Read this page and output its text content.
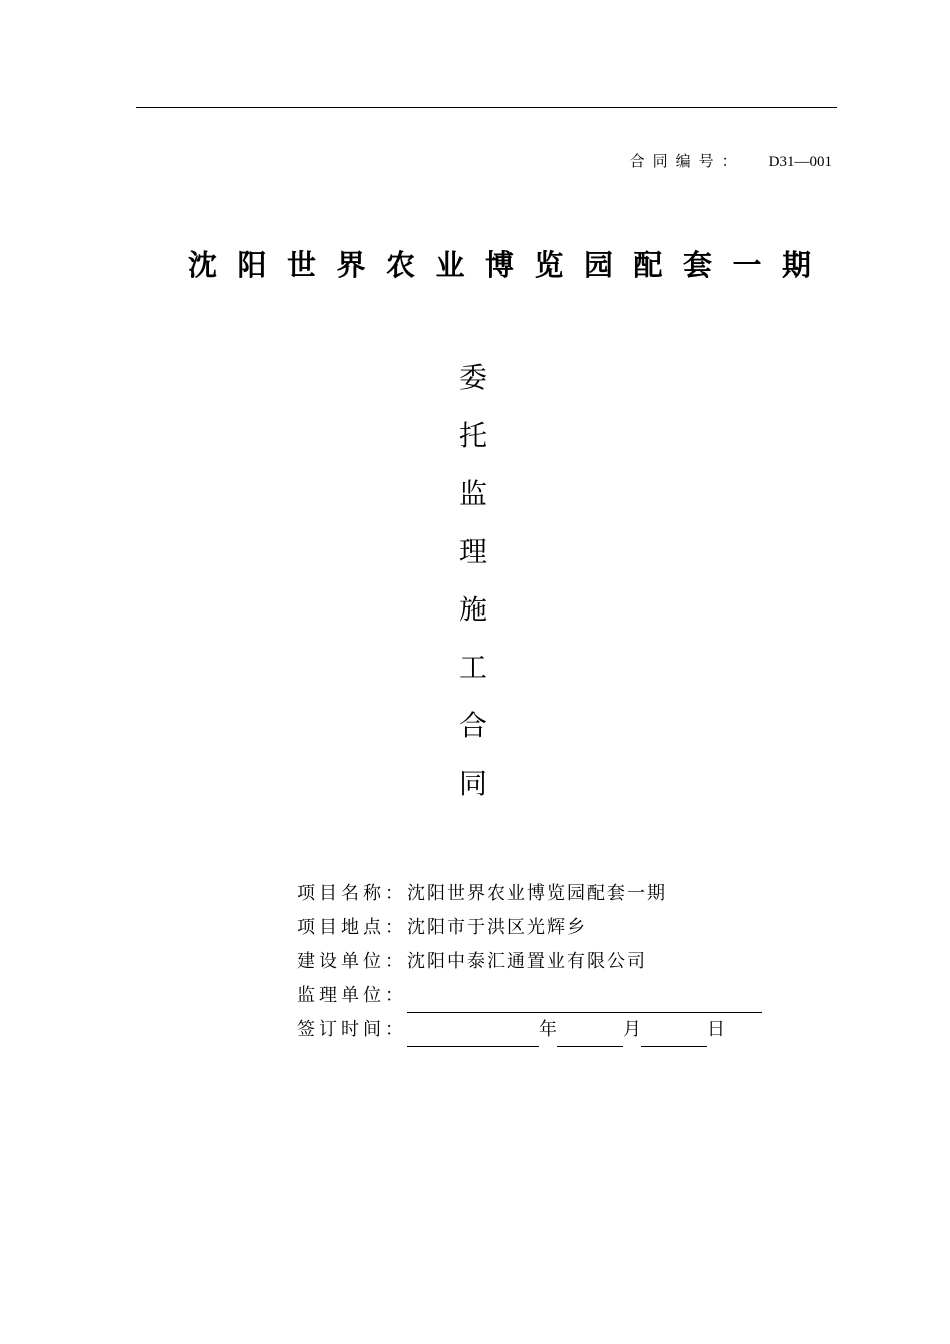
合同编号： D31—001
沈阳世界农业博览园配套一期
委
托
监
理
施
工
合
同
项目名称：沈阳世界农业博览园配套一期
项目地点：沈阳市于洪区光辉乡
建设单位：沈阳中泰汇通置业有限公司
监理单位：
签订时间：	年	月	日
